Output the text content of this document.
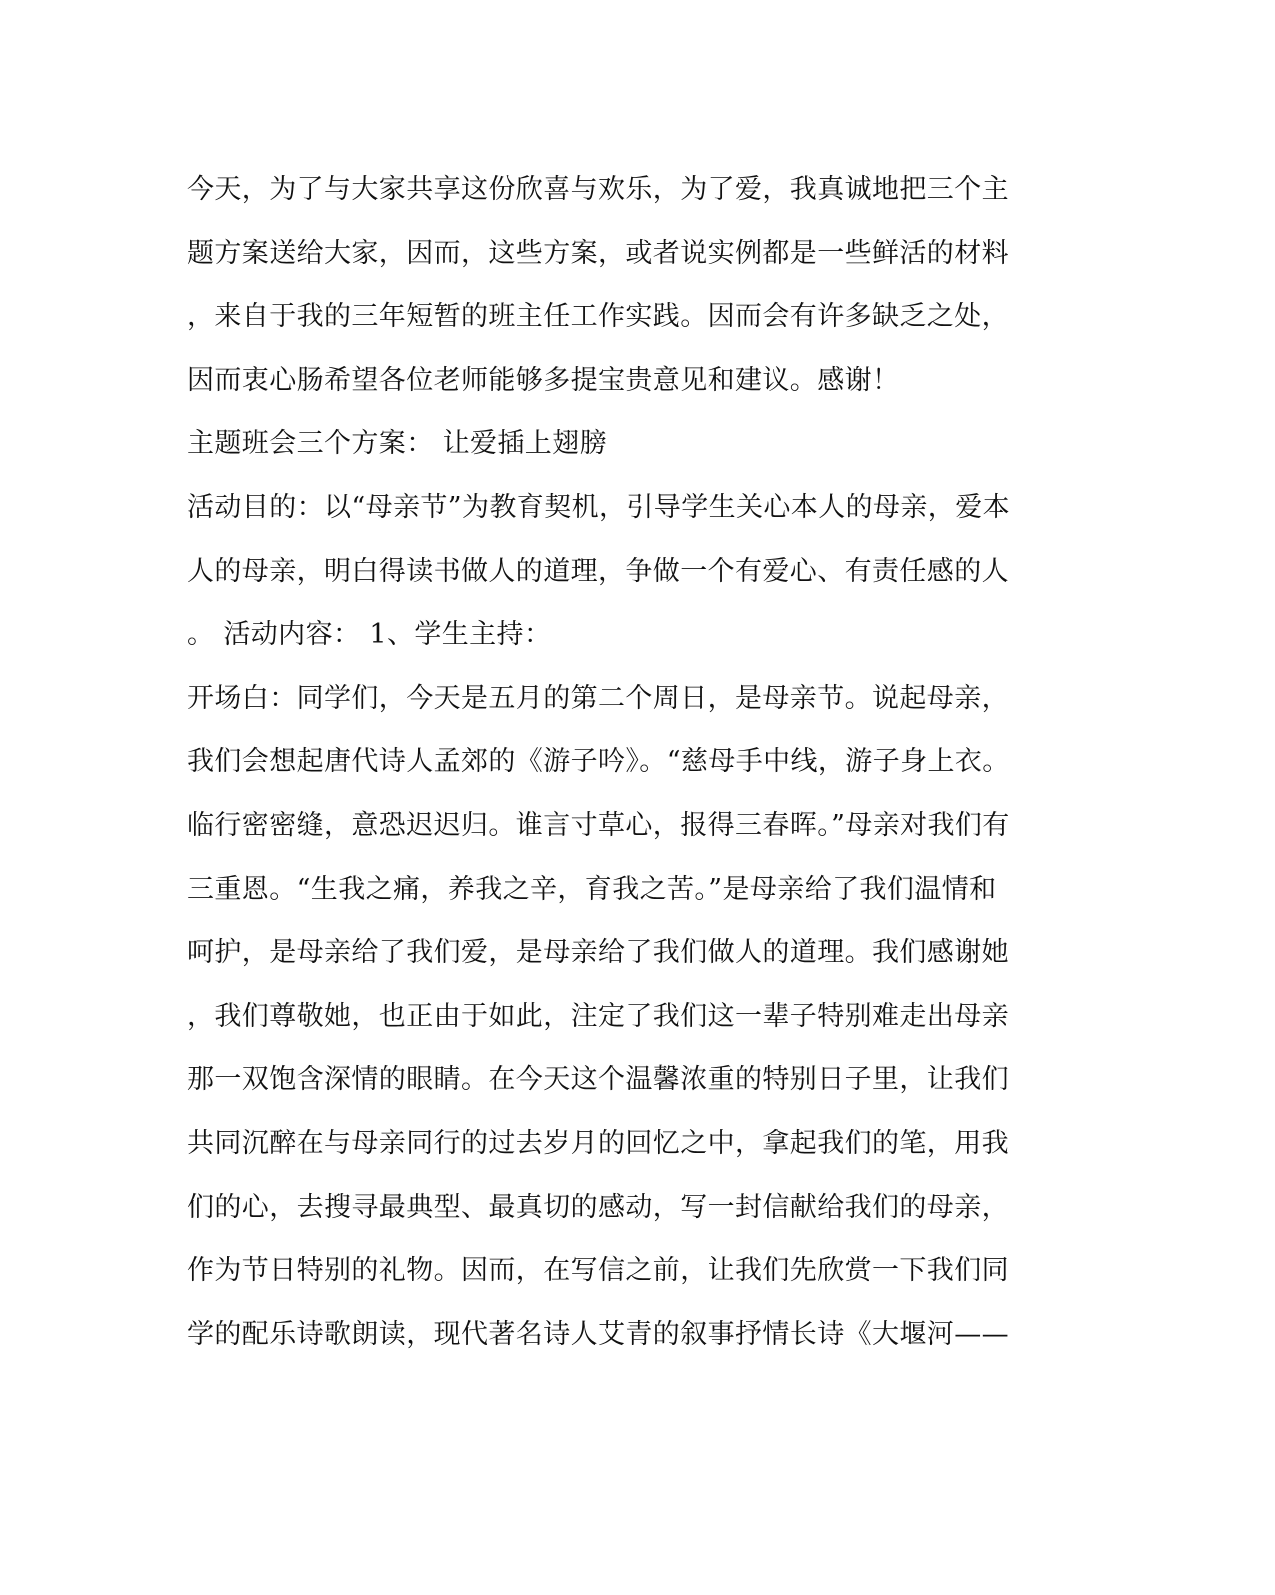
今天，为了与大家共享这份欣喜与欢乐，为了爱，我真诚地把三个主
题方案送给大家，因而，这些方案，或者说实例都是一些鲜活的材料
，来自于我的三年短暂的班主任工作实践。因而会有许多缺乏之处，
因而衷心肠希望各位老师能够多提宝贵意见和建议。感谢！
主题班会三个方案： 让爱插上翅膀
活动目的：以“母亲节”为教育契机，引导学生关心本人的母亲，爱本
人的母亲，明白得读书做人的道理，争做一个有爱心、有责任感的人
。 活动内容： 1、学生主持：
开场白：同学们，今天是五月的第二个周日，是母亲节。说起母亲，
我们会想起唐代诗人孟郊的《游子吟》。“慈母手中线，游子身上衣。
临行密密缝，意恐迟迟归。谁言寸草心，报得三春晖。”母亲对我们有
三重恩。“生我之痛，养我之辛，育我之苦。”是母亲给了我们温情和
呵护，是母亲给了我们爱，是母亲给了我们做人的道理。我们感谢她
，我们尊敬她，也正由于如此，注定了我们这一辈子特别难走出母亲
那一双饱含深情的眼睛。在今天这个温馨浓重的特别日子里，让我们
共同沉醉在与母亲同行的过去岁月的回忆之中，拿起我们的笔，用我
们的心，去搜寻最典型、最真切的感动，写一封信献给我们的母亲，
作为节日特别的礼物。因而，在写信之前，让我们先欣赏一下我们同
学的配乐诗歌朗读，现代著名诗人艾青的叙事抒情长诗《大堰河——
